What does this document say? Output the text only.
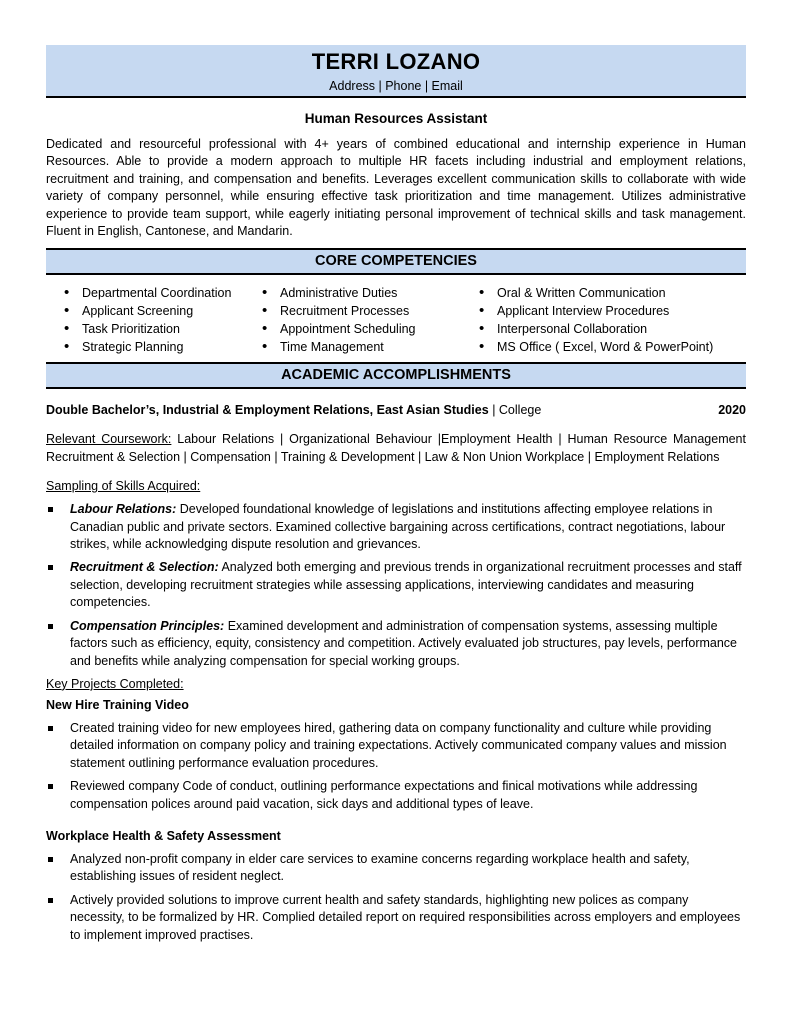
TERRI LOZANO
Address | Phone | Email
Human Resources Assistant
Dedicated and resourceful professional with 4+ years of combined educational and internship experience in Human Resources. Able to provide a modern approach to multiple HR facets including industrial and employment relations, recruitment and training, and compensation and benefits. Leverages excellent communication skills to collaborate with wide variety of company personnel, while ensuring effective task prioritization and time management. Utilizes administrative experience to provide team support, while eagerly initiating personal improvement of technical skills and task management. Fluent in English, Cantonese, and Mandarin.
CORE COMPETENCIES
• Departmental Coordination
• Applicant Screening
• Task Prioritization
• Strategic Planning
• Administrative Duties
• Recruitment Processes
• Appointment Scheduling
• Time Management
• Oral & Written Communication
• Applicant Interview Procedures
• Interpersonal Collaboration
• MS Office ( Excel, Word & PowerPoint)
ACADEMIC ACCOMPLISHMENTS
Double Bachelor’s, Industrial & Employment Relations, East Asian Studies | College	2020
Relevant Coursework: Labour Relations | Organizational Behaviour |Employment Health | Human Resource Management Recruitment & Selection | Compensation | Training & Development | Law & Non Union Workplace | Employment Relations
Sampling of Skills Acquired:
Labour Relations: Developed foundational knowledge of legislations and institutions affecting employee relations in Canadian public and private sectors. Examined collective bargaining across certifications, contract negotiations, labour strikes, while acknowledging dispute resolution and grievances.
Recruitment & Selection: Analyzed both emerging and previous trends in organizational recruitment processes and staff selection, developing recruitment strategies while assessing applications, interviewing candidates and measuring competencies.
Compensation Principles: Examined development and administration of compensation systems, assessing multiple factors such as efficiency, equity, consistency and competition. Actively evaluated job structures, pay levels, performance and benefits while analyzing compensation for special working groups.
Key Projects Completed:
New Hire Training Video
Created training video for new employees hired, gathering data on company functionality and culture while providing detailed information on company policy and training expectations. Actively communicated company values and mission statement outlining performance evaluation procedures.
Reviewed company Code of conduct, outlining performance expectations and finical motivations while addressing compensation polices around paid vacation, sick days and additional types of leave.
Workplace Health & Safety Assessment
Analyzed non-profit company in elder care services to examine concerns regarding workplace health and safety, establishing issues of resident neglect.
Actively provided solutions to improve current health and safety standards, highlighting new polices as company necessity, to be formalized by HR. Complied detailed report on required responsibilities across employers and employees to implement improved practises.
